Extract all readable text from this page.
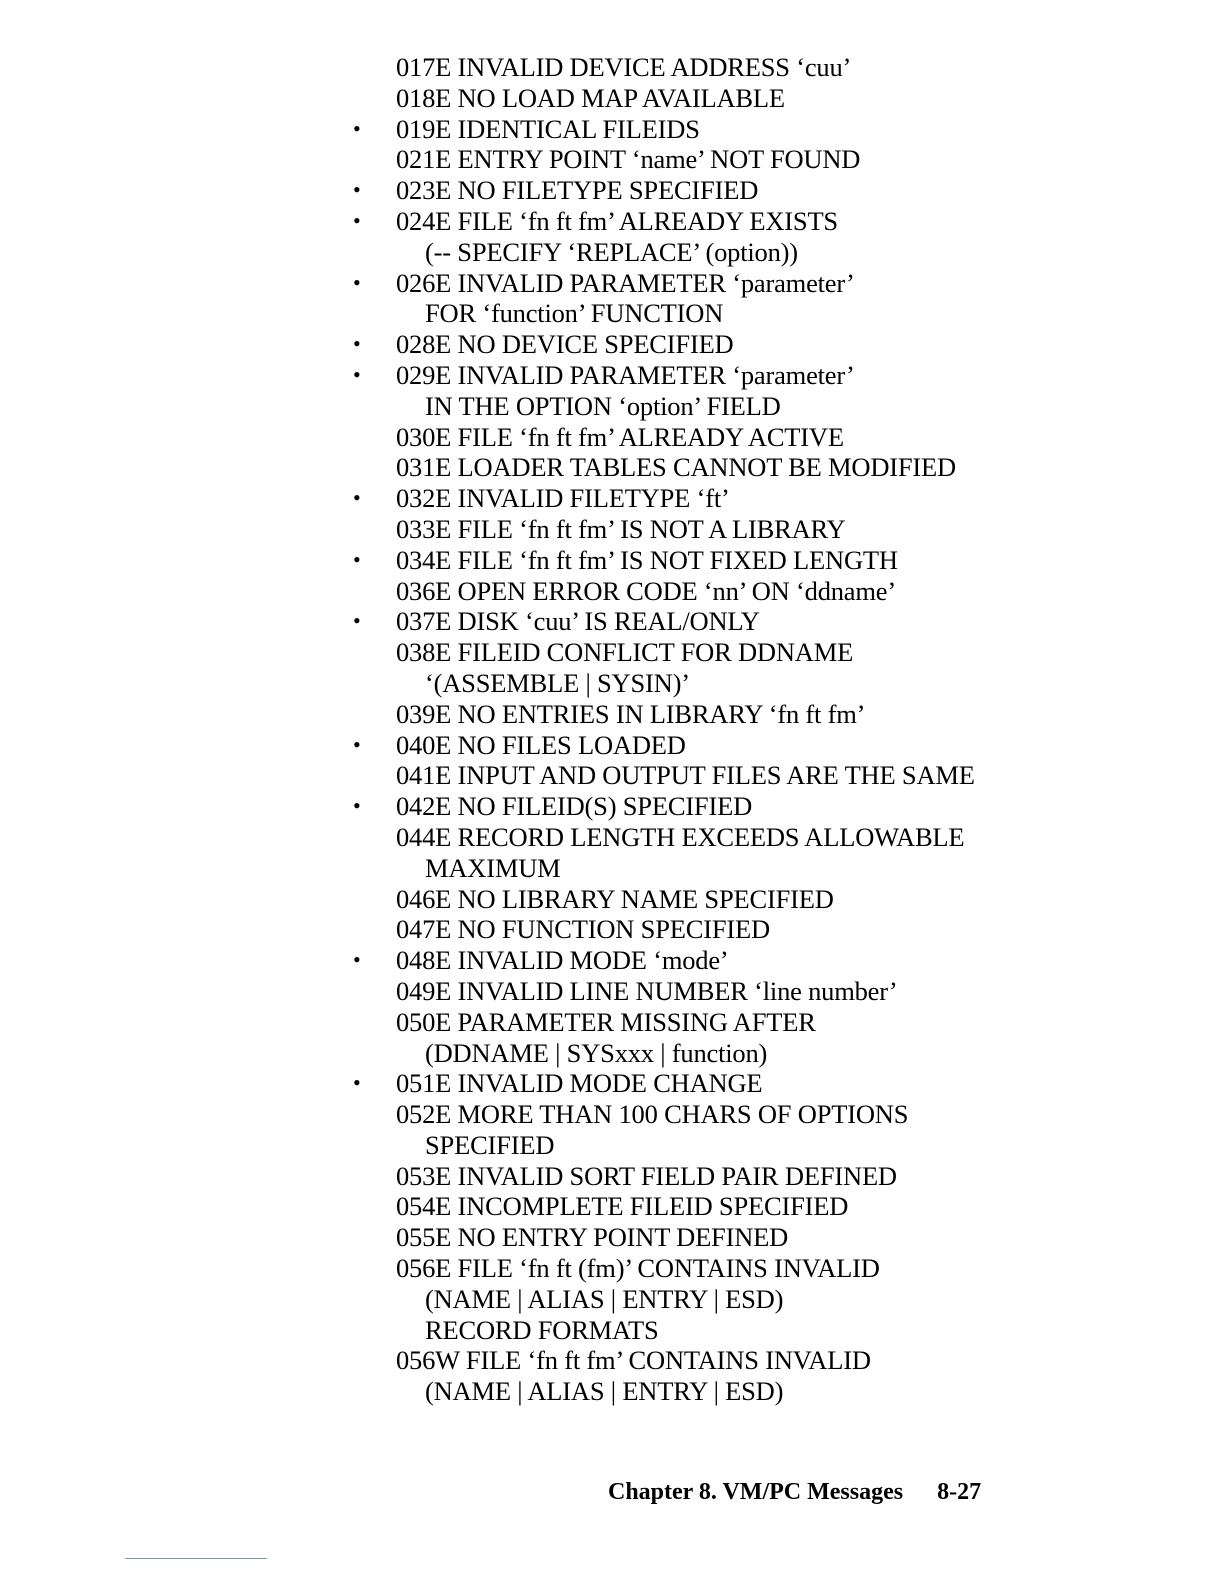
017E INVALID DEVICE ADDRESS ‘cuu’
018E NO LOAD MAP AVAILABLE
• 019E IDENTICAL FILEIDS
021E ENTRY POINT ‘name’ NOT FOUND
• 023E NO FILETYPE SPECIFIED
• 024E FILE ‘fn ft fm’ ALREADY EXISTS
(-- SPECIFY ‘REPLACE’ (option))
• 026E INVALID PARAMETER ‘parameter’
FOR ‘function’ FUNCTION
• 028E NO DEVICE SPECIFIED
• 029E INVALID PARAMETER ‘parameter’
IN THE OPTION ‘option’ FIELD
030E FILE ‘fn ft fm’ ALREADY ACTIVE
031E LOADER TABLES CANNOT BE MODIFIED
• 032E INVALID FILETYPE ‘ft’
033E FILE ‘fn ft fm’ IS NOT A LIBRARY
• 034E FILE ‘fn ft fm’ IS NOT FIXED LENGTH
036E OPEN ERROR CODE ‘nn’ ON ‘ddname’
• 037E DISK ‘cuu’ IS REAL/ONLY
038E FILEID CONFLICT FOR DDNAME
‘(ASSEMBLE | SYSIN)’
039E NO ENTRIES IN LIBRARY ‘fn ft fm’
• 040E NO FILES LOADED
041E INPUT AND OUTPUT FILES ARE THE SAME
• 042E NO FILEID(S) SPECIFIED
044E RECORD LENGTH EXCEEDS ALLOWABLE
MAXIMUM
046E NO LIBRARY NAME SPECIFIED
047E NO FUNCTION SPECIFIED
• 048E INVALID MODE ‘mode’
049E INVALID LINE NUMBER ‘line number’
050E PARAMETER MISSING AFTER
(DDNAME | SYSxxx | function)
• 051E INVALID MODE CHANGE
052E MORE THAN 100 CHARS OF OPTIONS
SPECIFIED
053E INVALID SORT FIELD PAIR DEFINED
054E INCOMPLETE FILEID SPECIFIED
055E NO ENTRY POINT DEFINED
056E FILE ‘fn ft (fm)’ CONTAINS INVALID
(NAME | ALIAS | ENTRY | ESD)
RECORD FORMATS
056W FILE ‘fn ft fm’ CONTAINS INVALID
(NAME | ALIAS | ENTRY | ESD)
Chapter 8. VM/PC Messages 8-27
